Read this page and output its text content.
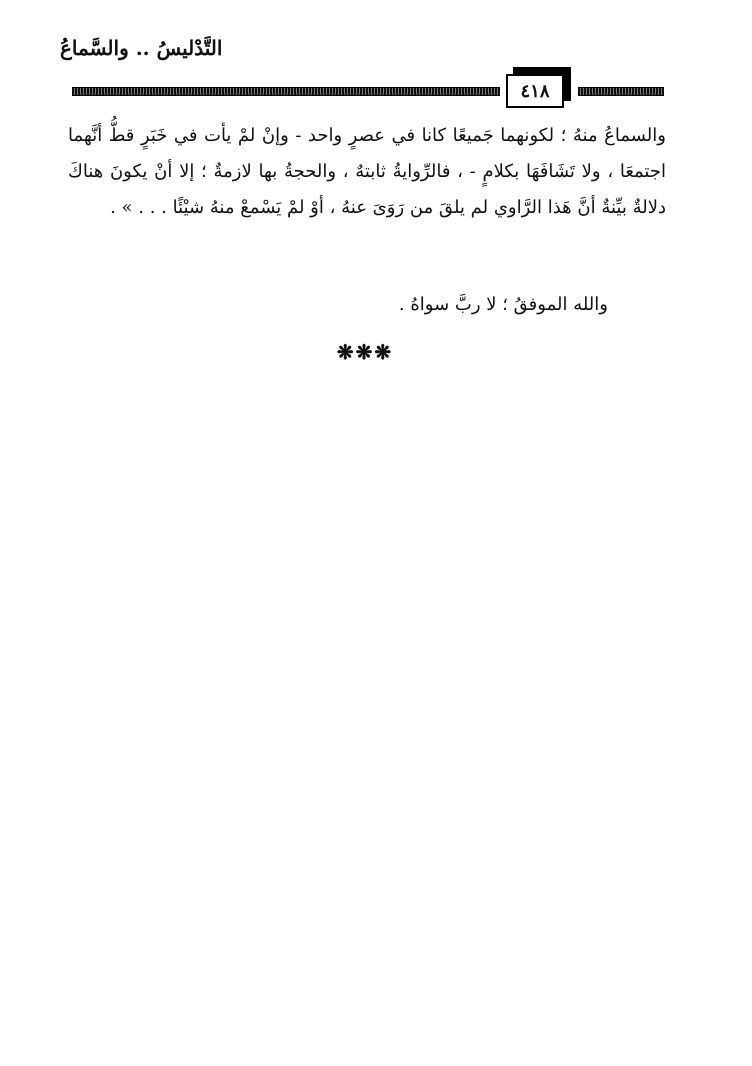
التَّدْليسُ .. والسَّماعُ
٤١٨

والسماعُ منهُ ؛ لكونهما جَميعًا كانا في عصرٍ واحد - وإنْ لمْ يأت في خَبَرٍ قطُّ أنَّهما اجتمعَا ، ولا تَشَافَهَا بكلامٍ - ، فالرِّوايةُ ثابتهٌ ، والحجةُ بها لازمةٌ ؛ إلا أنْ يكونَ هناكَ دلالةٌ بيِّنةٌ أنَّ هَذا الرَّاوي لم يلقَ من رَوَىَ عنهُ ، أوْ لمْ يَسْمعْ منهُ شيْئًا . . . » .

والله الموفقُ ؛ لا ربَّ سواهُ .
❋❋❋
